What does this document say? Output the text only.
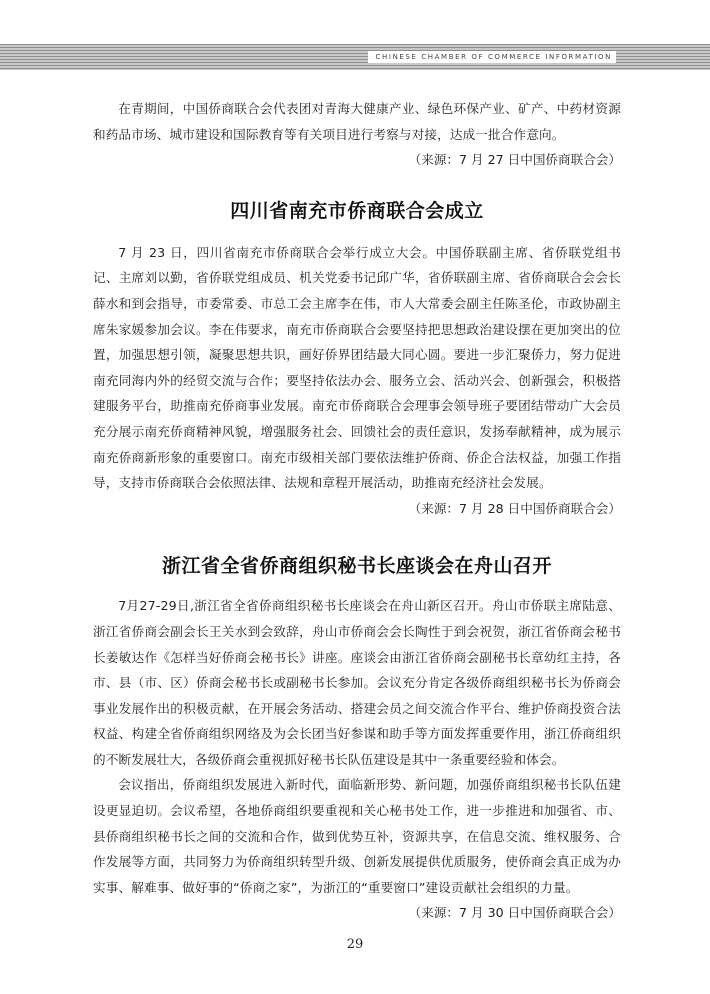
CHINESE CHAMBER OF COMMERCE INFORMATION

在青期间，中国侨商联合会代表团对青海大健康产业、绿色环保产业、矿产、中药材资源和药品市场、城市建设和国际教育等有关项目进行考察与对接，达成一批合作意向。

（来源：7 月 27 日中国侨商联合会）
四川省南充市侨商联合会成立

7 月 23 日，四川省南充市侨商联合会举行成立大会。中国侨联副主席、省侨联党组书记、主席刘以勤，省侨联党组成员、机关党委书记邱广华，省侨联副主席、省侨商联合会会长薛水和到会指导，市委常委、市总工会主席李在伟，市人大常委会副主任陈圣伦，市政协副主席朱家媛参加会议。李在伟要求，南充市侨商联合会要坚持把思想政治建设摆在更加突出的位置，加强思想引领，凝聚思想共识，画好侨界团结最大同心圆。要进一步汇聚侨力，努力促进南充同海内外的经贸交流与合作；要坚持依法办会、服务立会、活动兴会、创新强会，积极搭建服务平台，助推南充侨商事业发展。南充市侨商联合会理事会领导班子要团结带动广大会员充分展示南充侨商精神风貌，增强服务社会、回馈社会的责任意识，发扬奉献精神，成为展示南充侨商新形象的重要窗口。南充市级相关部门要依法维护侨商、侨企合法权益，加强工作指导，支持市侨商联合会依照法律、法规和章程开展活动，助推南充经济社会发展。

（来源：7 月 28 日中国侨商联合会）
浙江省全省侨商组织秘书长座谈会在舟山召开

7月27-29日,浙江省全省侨商组织秘书长座谈会在舟山新区召开。舟山市侨联主席陆意、浙江省侨商会副会长王关水到会致辞，舟山市侨商会会长陶性于到会祝贺，浙江省侨商会秘书长姜敏达作《怎样当好侨商会秘书长》讲座。座谈会由浙江省侨商会副秘书长章幼红主持，各市、县（市、区）侨商会秘书长或副秘书长参加。会议充分肯定各级侨商组织秘书长为侨商会事业发展作出的积极贡献，在开展会务活动、搭建会员之间交流合作平台、维护侨商投资合法权益、构建全省侨商组织网络及为会长团当好参谋和助手等方面发挥重要作用，浙江侨商组织的不断发展壮大，各级侨商会重视抓好秘书长队伍建设是其中一条重要经验和体会。

会议指出，侨商组织发展进入新时代，面临新形势、新问题，加强侨商组织秘书长队伍建设更显迫切。会议希望，各地侨商组织要重视和关心秘书处工作，进一步推进和加强省、市、县侨商组织秘书长之间的交流和合作，做到优势互补，资源共享，在信息交流、维权服务、合作发展等方面，共同努力为侨商组织转型升级、创新发展提供优质服务，使侨商会真正成为办实事、解难事、做好事的“侨商之家”，为浙江的“重要窗口”建设贡献社会组织的力量。

（来源：7 月 30 日中国侨商联合会）
29
